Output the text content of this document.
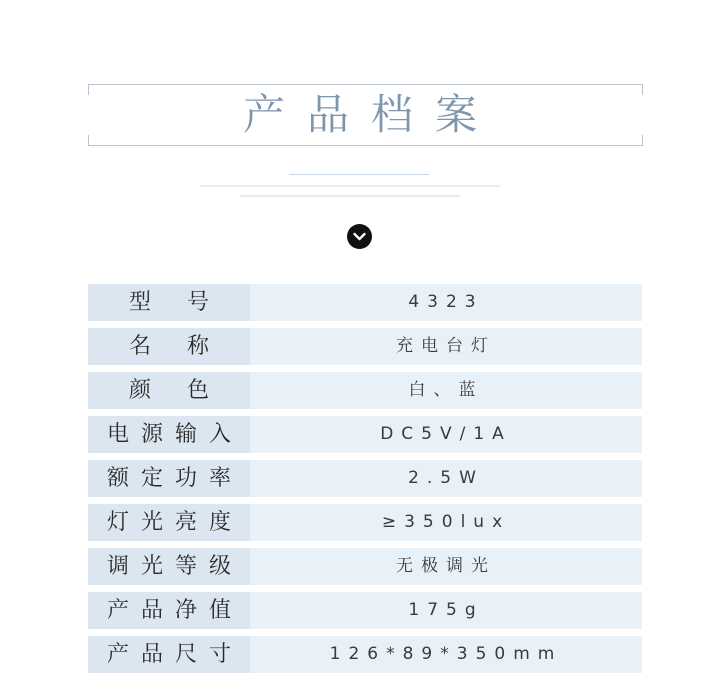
产品档案
型号	4323
名称	充电台灯
颜色	白、蓝
电源输入	DC5V/1A
额定功率	2.5W
灯光亮度	≥350lux
调光等级	无极调光
产品净值	175g
产品尺寸	126*89*350mm
